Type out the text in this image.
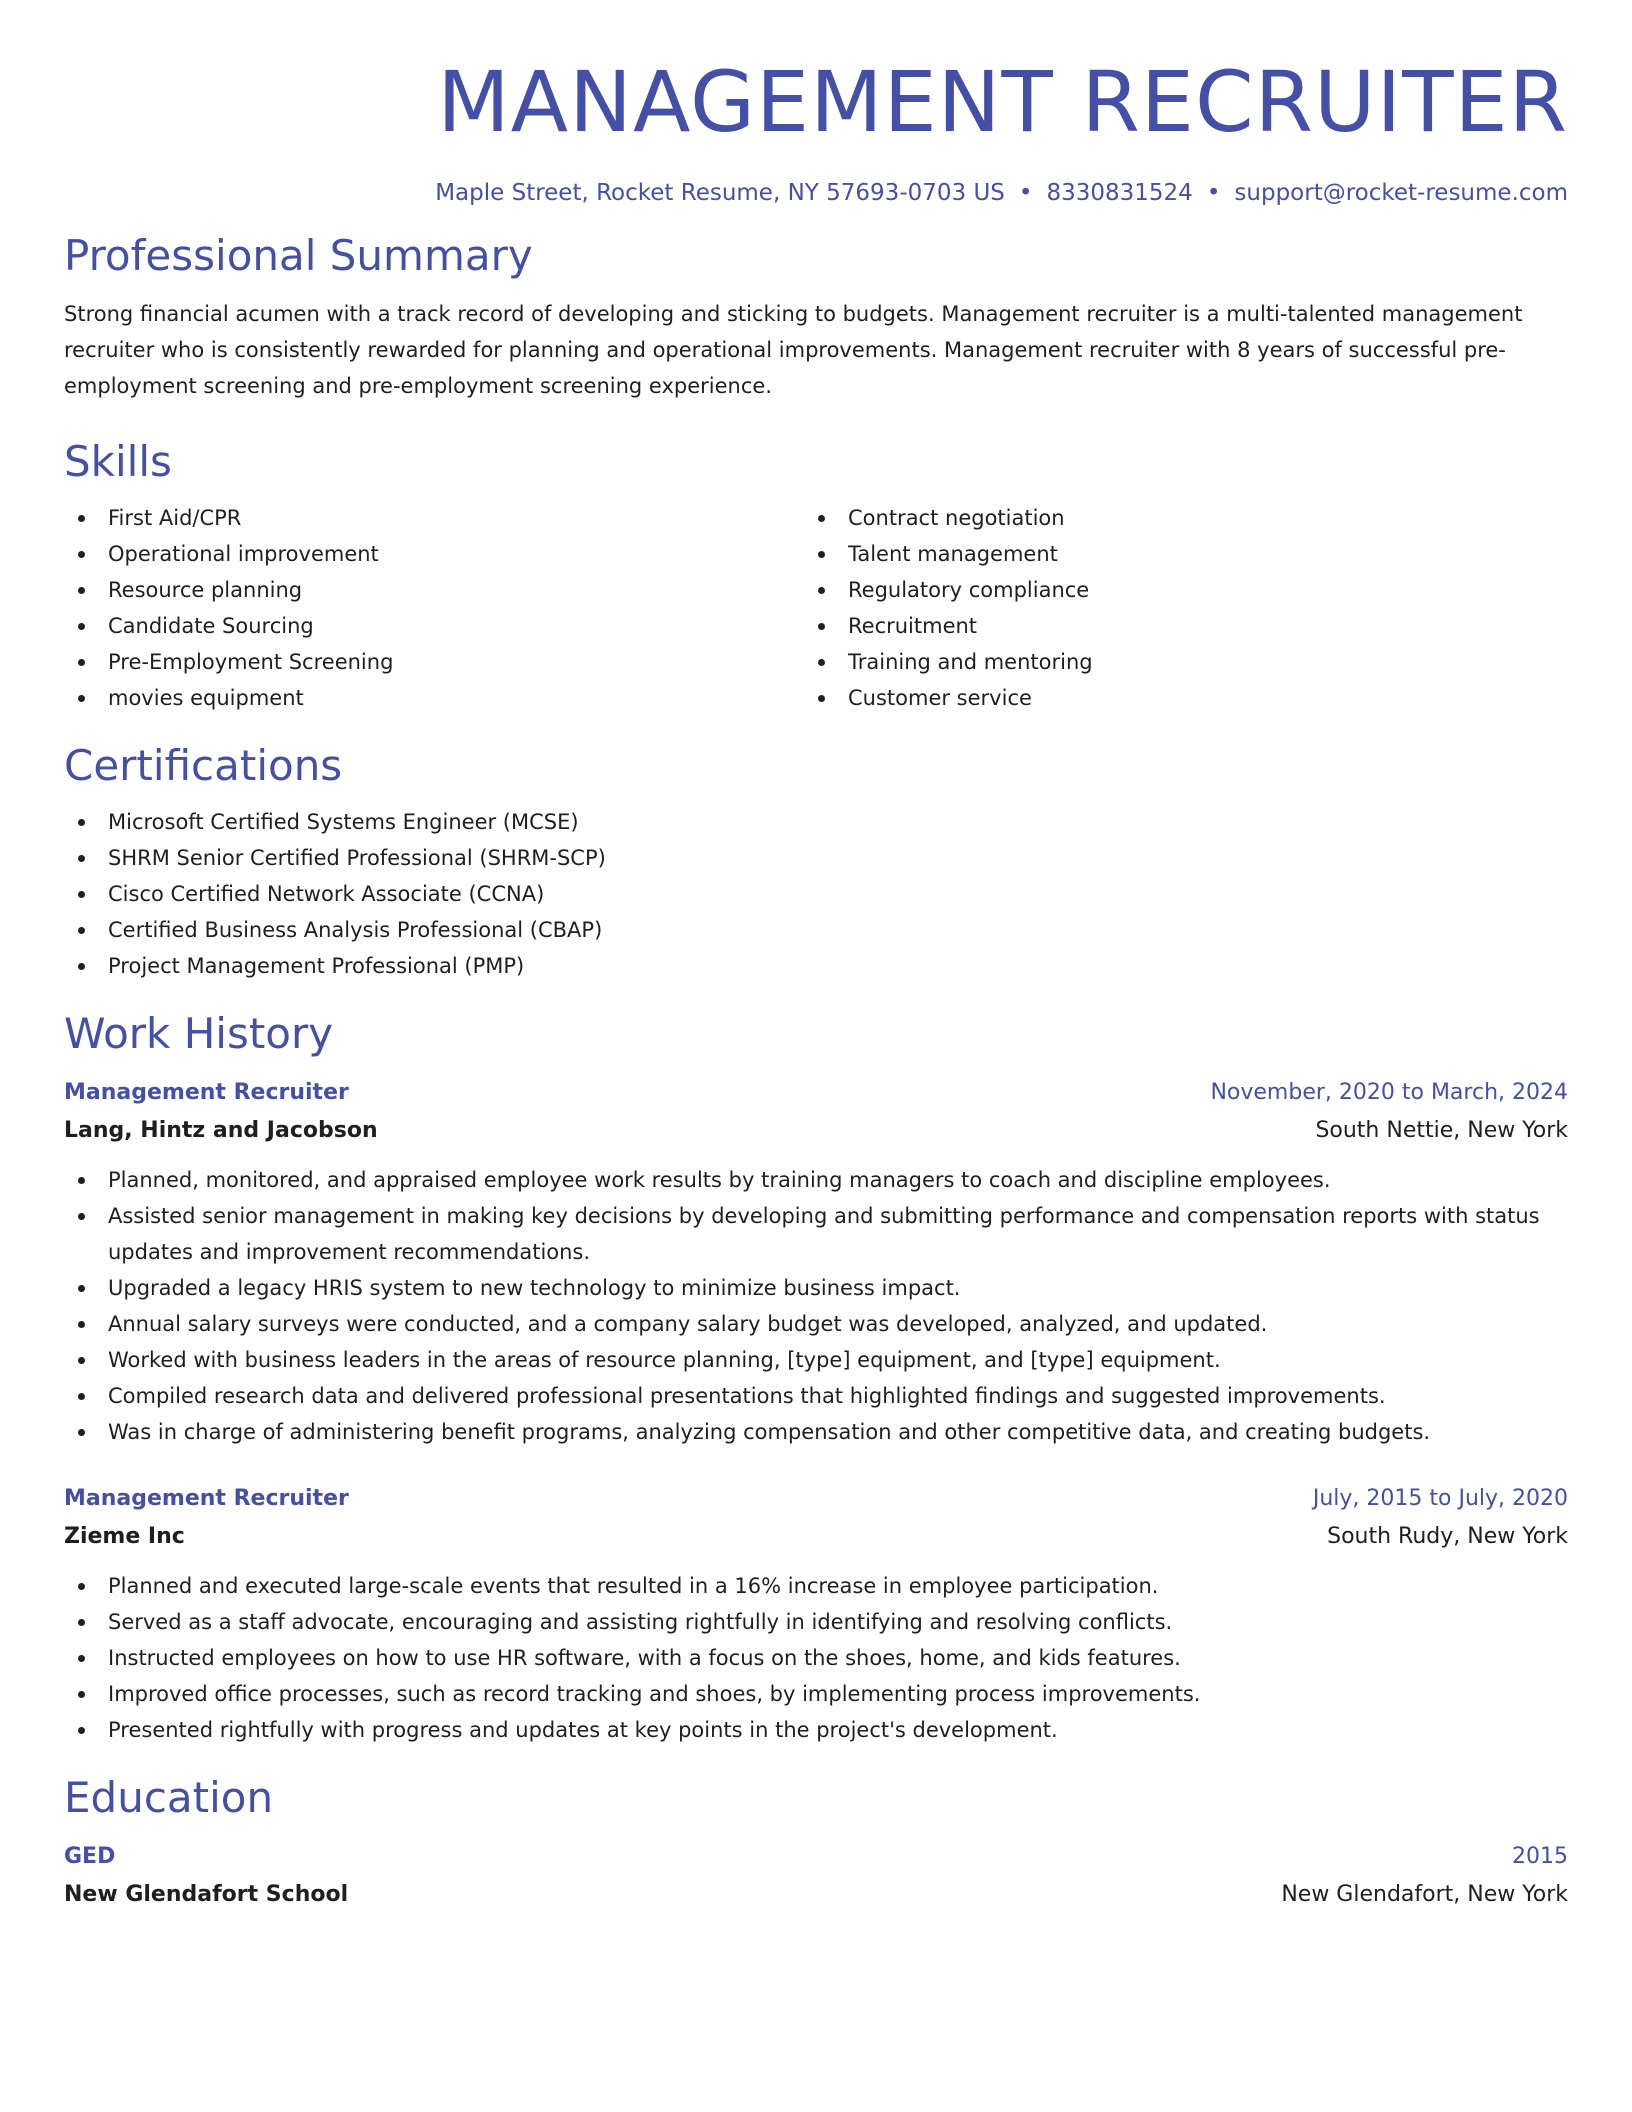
MANAGEMENT RECRUITER
Maple Street, Rocket Resume, NY 57693-0703 US • 8330831524 • support@rocket-resume.com
Professional Summary

Strong financial acumen with a track record of developing and sticking to budgets. Management recruiter is a multi-talented management recruiter who is consistently rewarded for planning and operational improvements. Management recruiter with 8 years of successful pre-employment screening and pre-employment screening experience.

Skills
First Aid/CPR
Operational improvement
Resource planning
Candidate Sourcing
Pre-Employment Screening
movies equipment
Contract negotiation
Talent management
Regulatory compliance
Recruitment
Training and mentoring
Customer service
Certifications
Microsoft Certified Systems Engineer (MCSE)
SHRM Senior Certified Professional (SHRM-SCP)
Cisco Certified Network Associate (CCNA)
Certified Business Analysis Professional (CBAP)
Project Management Professional (PMP)
Work History
Management Recruiter	November, 2020 to March, 2024
Lang, Hintz and Jacobson	South Nettie, New York
Planned, monitored, and appraised employee work results by training managers to coach and discipline employees.
Assisted senior management in making key decisions by developing and submitting performance and compensation reports with status updates and improvement recommendations.
Upgraded a legacy HRIS system to new technology to minimize business impact.
Annual salary surveys were conducted, and a company salary budget was developed, analyzed, and updated.
Worked with business leaders in the areas of resource planning, [type] equipment, and [type] equipment.
Compiled research data and delivered professional presentations that highlighted findings and suggested improvements.
Was in charge of administering benefit programs, analyzing compensation and other competitive data, and creating budgets.
Management Recruiter	July, 2015 to July, 2020
Zieme Inc	South Rudy, New York
Planned and executed large-scale events that resulted in a 16% increase in employee participation.
Served as a staff advocate, encouraging and assisting rightfully in identifying and resolving conflicts.
Instructed employees on how to use HR software, with a focus on the shoes, home, and kids features.
Improved office processes, such as record tracking and shoes, by implementing process improvements.
Presented rightfully with progress and updates at key points in the project's development.
Education
GED	2015
New Glendafort School	New Glendafort, New York
